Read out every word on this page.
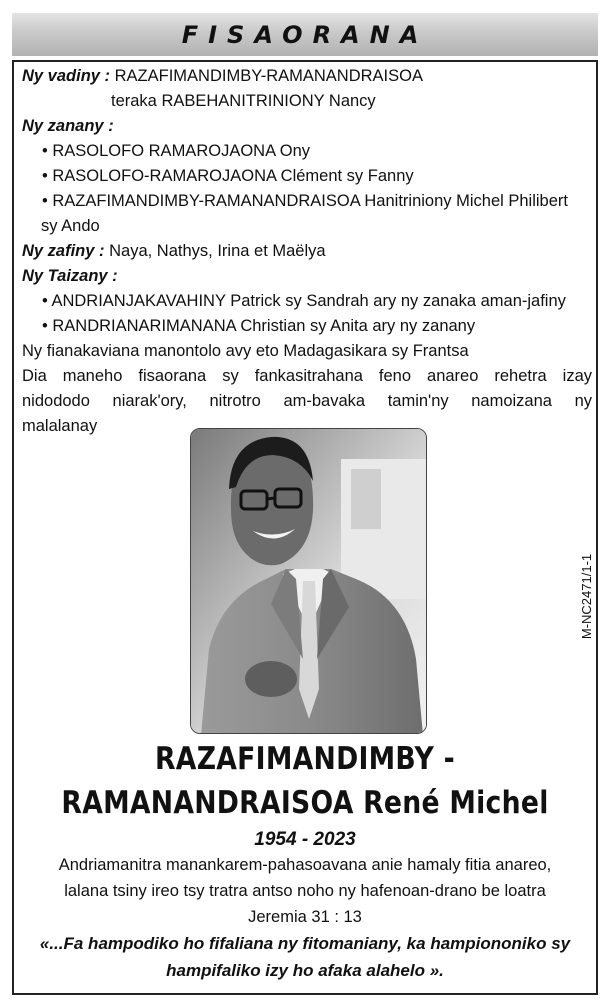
FISAORANA
Ny vadiny : RAZAFIMANDIMBY-RAMANANDRAISOA
teraka RABEHANITRINIONY Nancy
Ny zanany :
• RASOLOFO RAMAROJAONA Ony
• RASOLOFO-RAMAROJAONA Clément sy Fanny
• RAZAFIMANDIMBY-RAMANANDRAISOA Hanitriniony Michel Philibert
sy Ando
Ny zafiny : Naya, Nathys, Irina et Maëlya
Ny Taizany :
• ANDRIANJAKAVAHINY Patrick sy Sandrah ary ny zanaka aman-jafiny
• RANDRIANARIMANANA Christian sy Anita ary ny zanany
Ny fianakaviana manontolo avy eto Madagasikara sy Frantsa
Dia maneho fisaorana sy fankasitrahana feno anareo rehetra izay
nidododo niarak'ory, nitrotro am-bavaka tamin'ny namoizana ny
malalanay
M-NC2471/1-1
RAZAFIMANDIMBY -
RAMANANDRAISOA René Michel
1954 - 2023
Andriamanitra manankarem-pahasoavana anie hamaly fitia anareo,
lalana tsiny ireo tsy tratra antso noho ny hafenoan-drano be loatra
Jeremia 31 : 13
«...Fa hampodiko ho fifaliana ny fitomaniany, ka hampiononiko sy
hampifaliko izy ho afaka alahelo ».
